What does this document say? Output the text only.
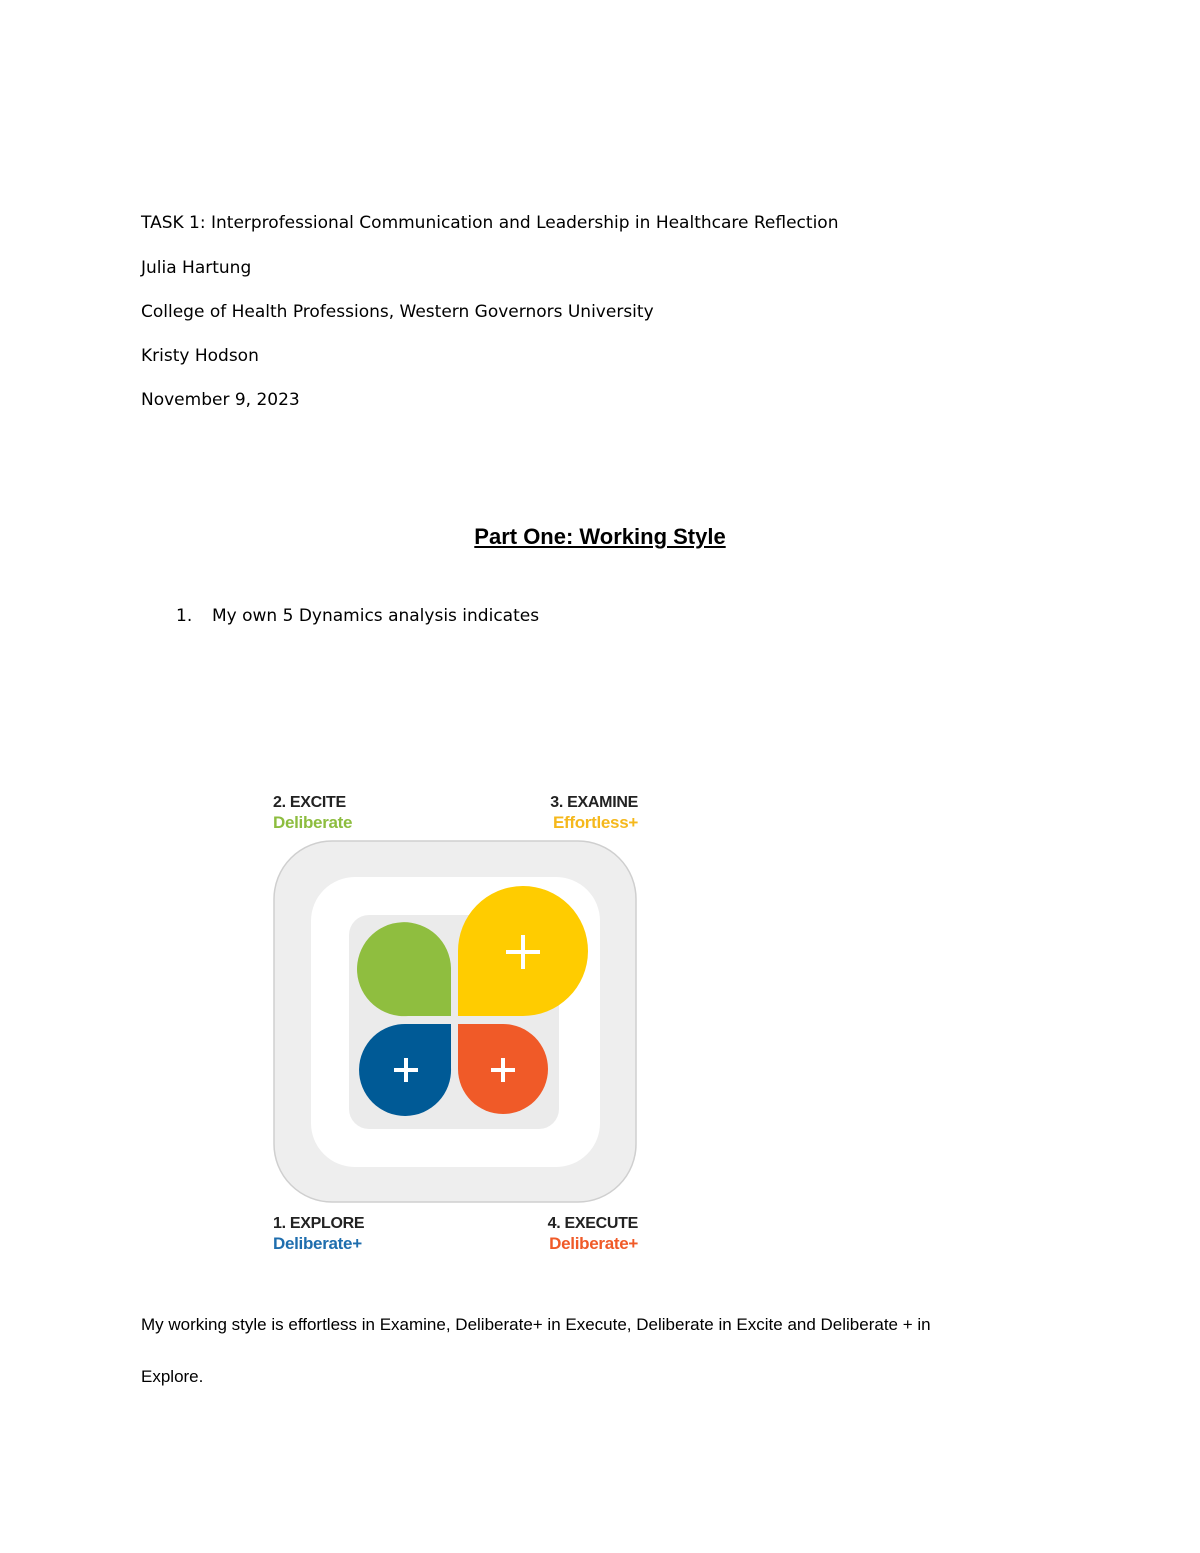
TASK 1: Interprofessional Communication and Leadership in Healthcare Reflection
Julia Hartung
College of Health Professions, Western Governors University
Kristy Hodson
November 9, 2023
Part One: Working Style
1. My own 5 Dynamics analysis indicates
2. EXCITE
Deliberate
3. EXAMINE
Effortless+
1. EXPLORE
Deliberate+
4. EXECUTE
Deliberate+
My working style is effortless in Examine, Deliberate+ in Execute, Deliberate in Excite and Deliberate + in
Explore.
